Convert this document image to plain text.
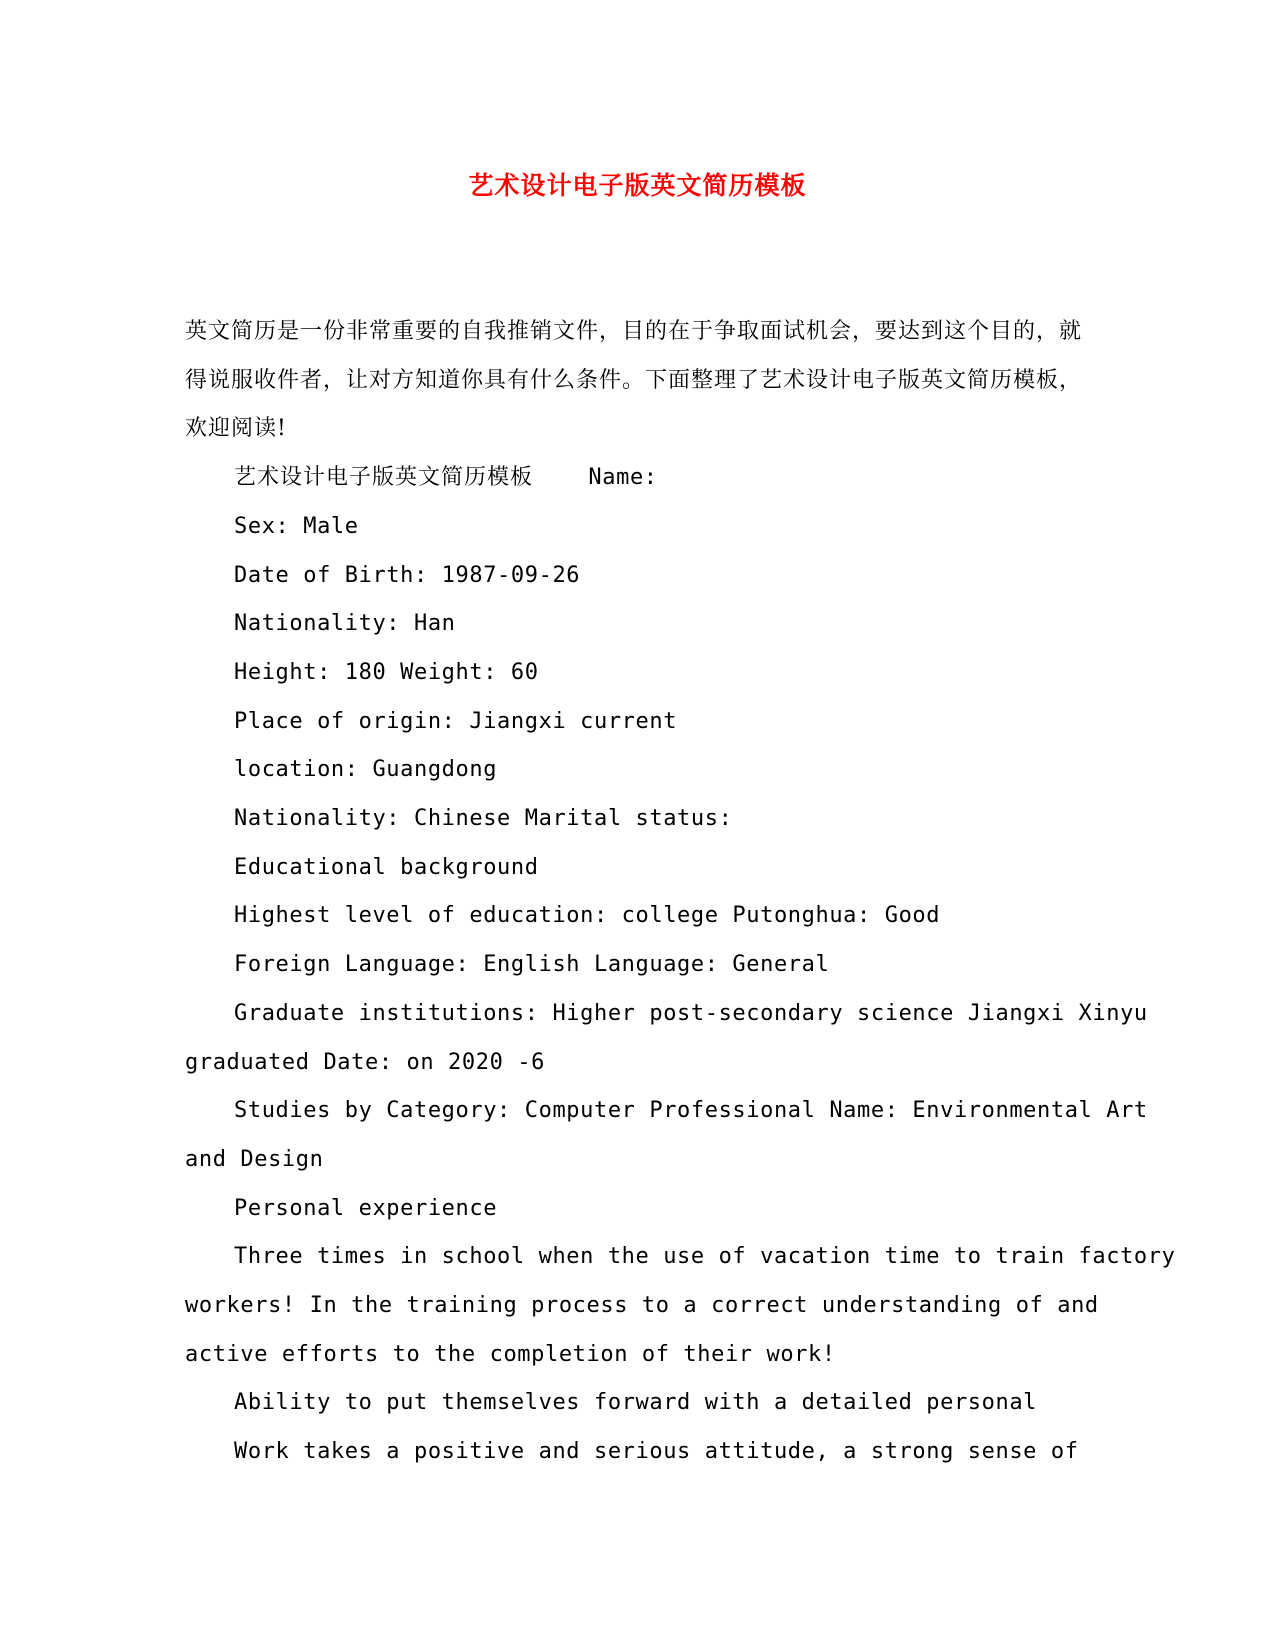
艺术设计电子版英文简历模板

英文简历是一份非常重要的自我推销文件，目的在于争取面试机会，要达到这个目的，就得说服收件者，让对方知道你具有什么条件。下面整理了艺术设计电子版英文简历模板，欢迎阅读!

艺术设计电子版英文简历模板	Name:

Sex: Male

Date of Birth: 1987-09-26

Nationality: Han

Height: 180 Weight: 60

Place of origin: Jiangxi current

location: Guangdong

Nationality: Chinese Marital status:

Educational background

Highest level of education: college Putonghua: Good

Foreign Language: English Language: General

Graduate institutions: Higher post-secondary science Jiangxi Xinyu

graduated Date: on 2020 -6

Studies by Category: Computer Professional Name: Environmental Art

and Design

Personal experience

Three times in school when the use of vacation time to train factory

workers! In the training process to a correct understanding of and

active efforts to the completion of their work!

Ability to put themselves forward with a detailed personal

Work takes a positive and serious attitude, a strong sense of
